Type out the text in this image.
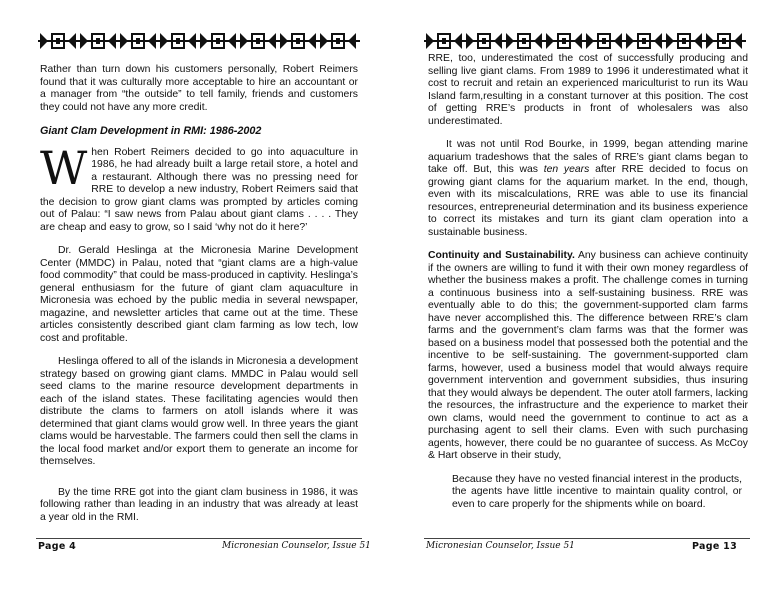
Rather than turn down his customers personally, Robert Reimers found that it was culturally more acceptable to hire an accountant or a manager from “the outside” to tell family, friends and customers they could not have any more credit.

Giant Clam Development in RMI: 1986-2002

When Robert Reimers decided to go into aquaculture in 1986, he had already built a large retail store, a hotel and a restaurant. Although there was no pressing need for RRE to develop a new industry, Robert Reimers said that the decision to grow giant clams was prompted by articles coming out of Palau: “I saw news from Palau about giant clams . . . . They are cheap and easy to grow, so I said ‘why not do it here?’

Dr. Gerald Heslinga at the Micronesia Marine Development Center (MMDC) in Palau, noted that “giant clams are a high-value food commodity” that could be mass-produced in captivity. Heslinga’s general enthusiasm for the future of giant clam aquaculture in Micronesia was echoed by the public media in several newspaper, magazine, and newsletter articles that came out at the time. These articles consistently described giant clam farming as low tech, low cost and profitable.

Heslinga offered to all of the islands in Micronesia a development strategy based on growing giant clams. MMDC in Palau would sell seed clams to the marine resource development departments in each of the island states. These facilitating agencies would then distribute the clams to farmers on atoll islands where it was determined that giant clams would grow well. In three years the giant clams would be harvestable. The farmers could then sell the clams in the local food market and/or export them to generate an income for themselves.

By the time RRE got into the giant clam business in 1986, it was following rather than leading in an industry that was already at least a year old in the RMI.

Page 4	Micronesian Counselor, Issue 51

RRE, too, underestimated the cost of successfully producing and selling live giant clams. From 1989 to 1996 it underestimated what it cost to recruit and retain an experienced mariculturist to run its Wau Island farm,resulting in a constant turnover at this position. The cost of getting RRE’s products in front of wholesalers was also underestimated.

It was not until Rod Bourke, in 1999, began attending marine aquarium tradeshows that the sales of RRE’s giant clams began to take off. But, this was ten years after RRE decided to focus on growing giant clams for the aquarium market. In the end, though, even with its miscalculations, RRE was able to use its financial resources, entrepreneurial determination and its business experience to correct its mistakes and turn its giant clam operation into a sustainable business.

Continuity and Sustainability. Any business can achieve continuity if the owners are willing to fund it with their own money regardless of whether the business makes a profit. The challenge comes in turning a continuous business into a self-sustaining business. RRE was eventually able to do this; the government-supported clam farms have never accomplished this. The difference between RRE’s clam farms and the government’s clam farms was that the former was based on a business model that possessed both the potential and the incentive to be self-sustaining. The government-supported clam farms, however, used a business model that would always require government intervention and government subsidies, thus insuring that they would always be dependent. The outer atoll farmers, lacking the resources, the infrastructure and the experience to market their own clams, would need the government to continue to act as a purchasing agent to sell their clams. Even with such purchasing agents, however, there could be no guarantee of success. As McCoy & Hart observe in their study,

Because they have no vested financial interest in the products, the agents have little incentive to maintain quality control, or even to care properly for the shipments while on board.

Micronesian Counselor, Issue 51	Page 13
